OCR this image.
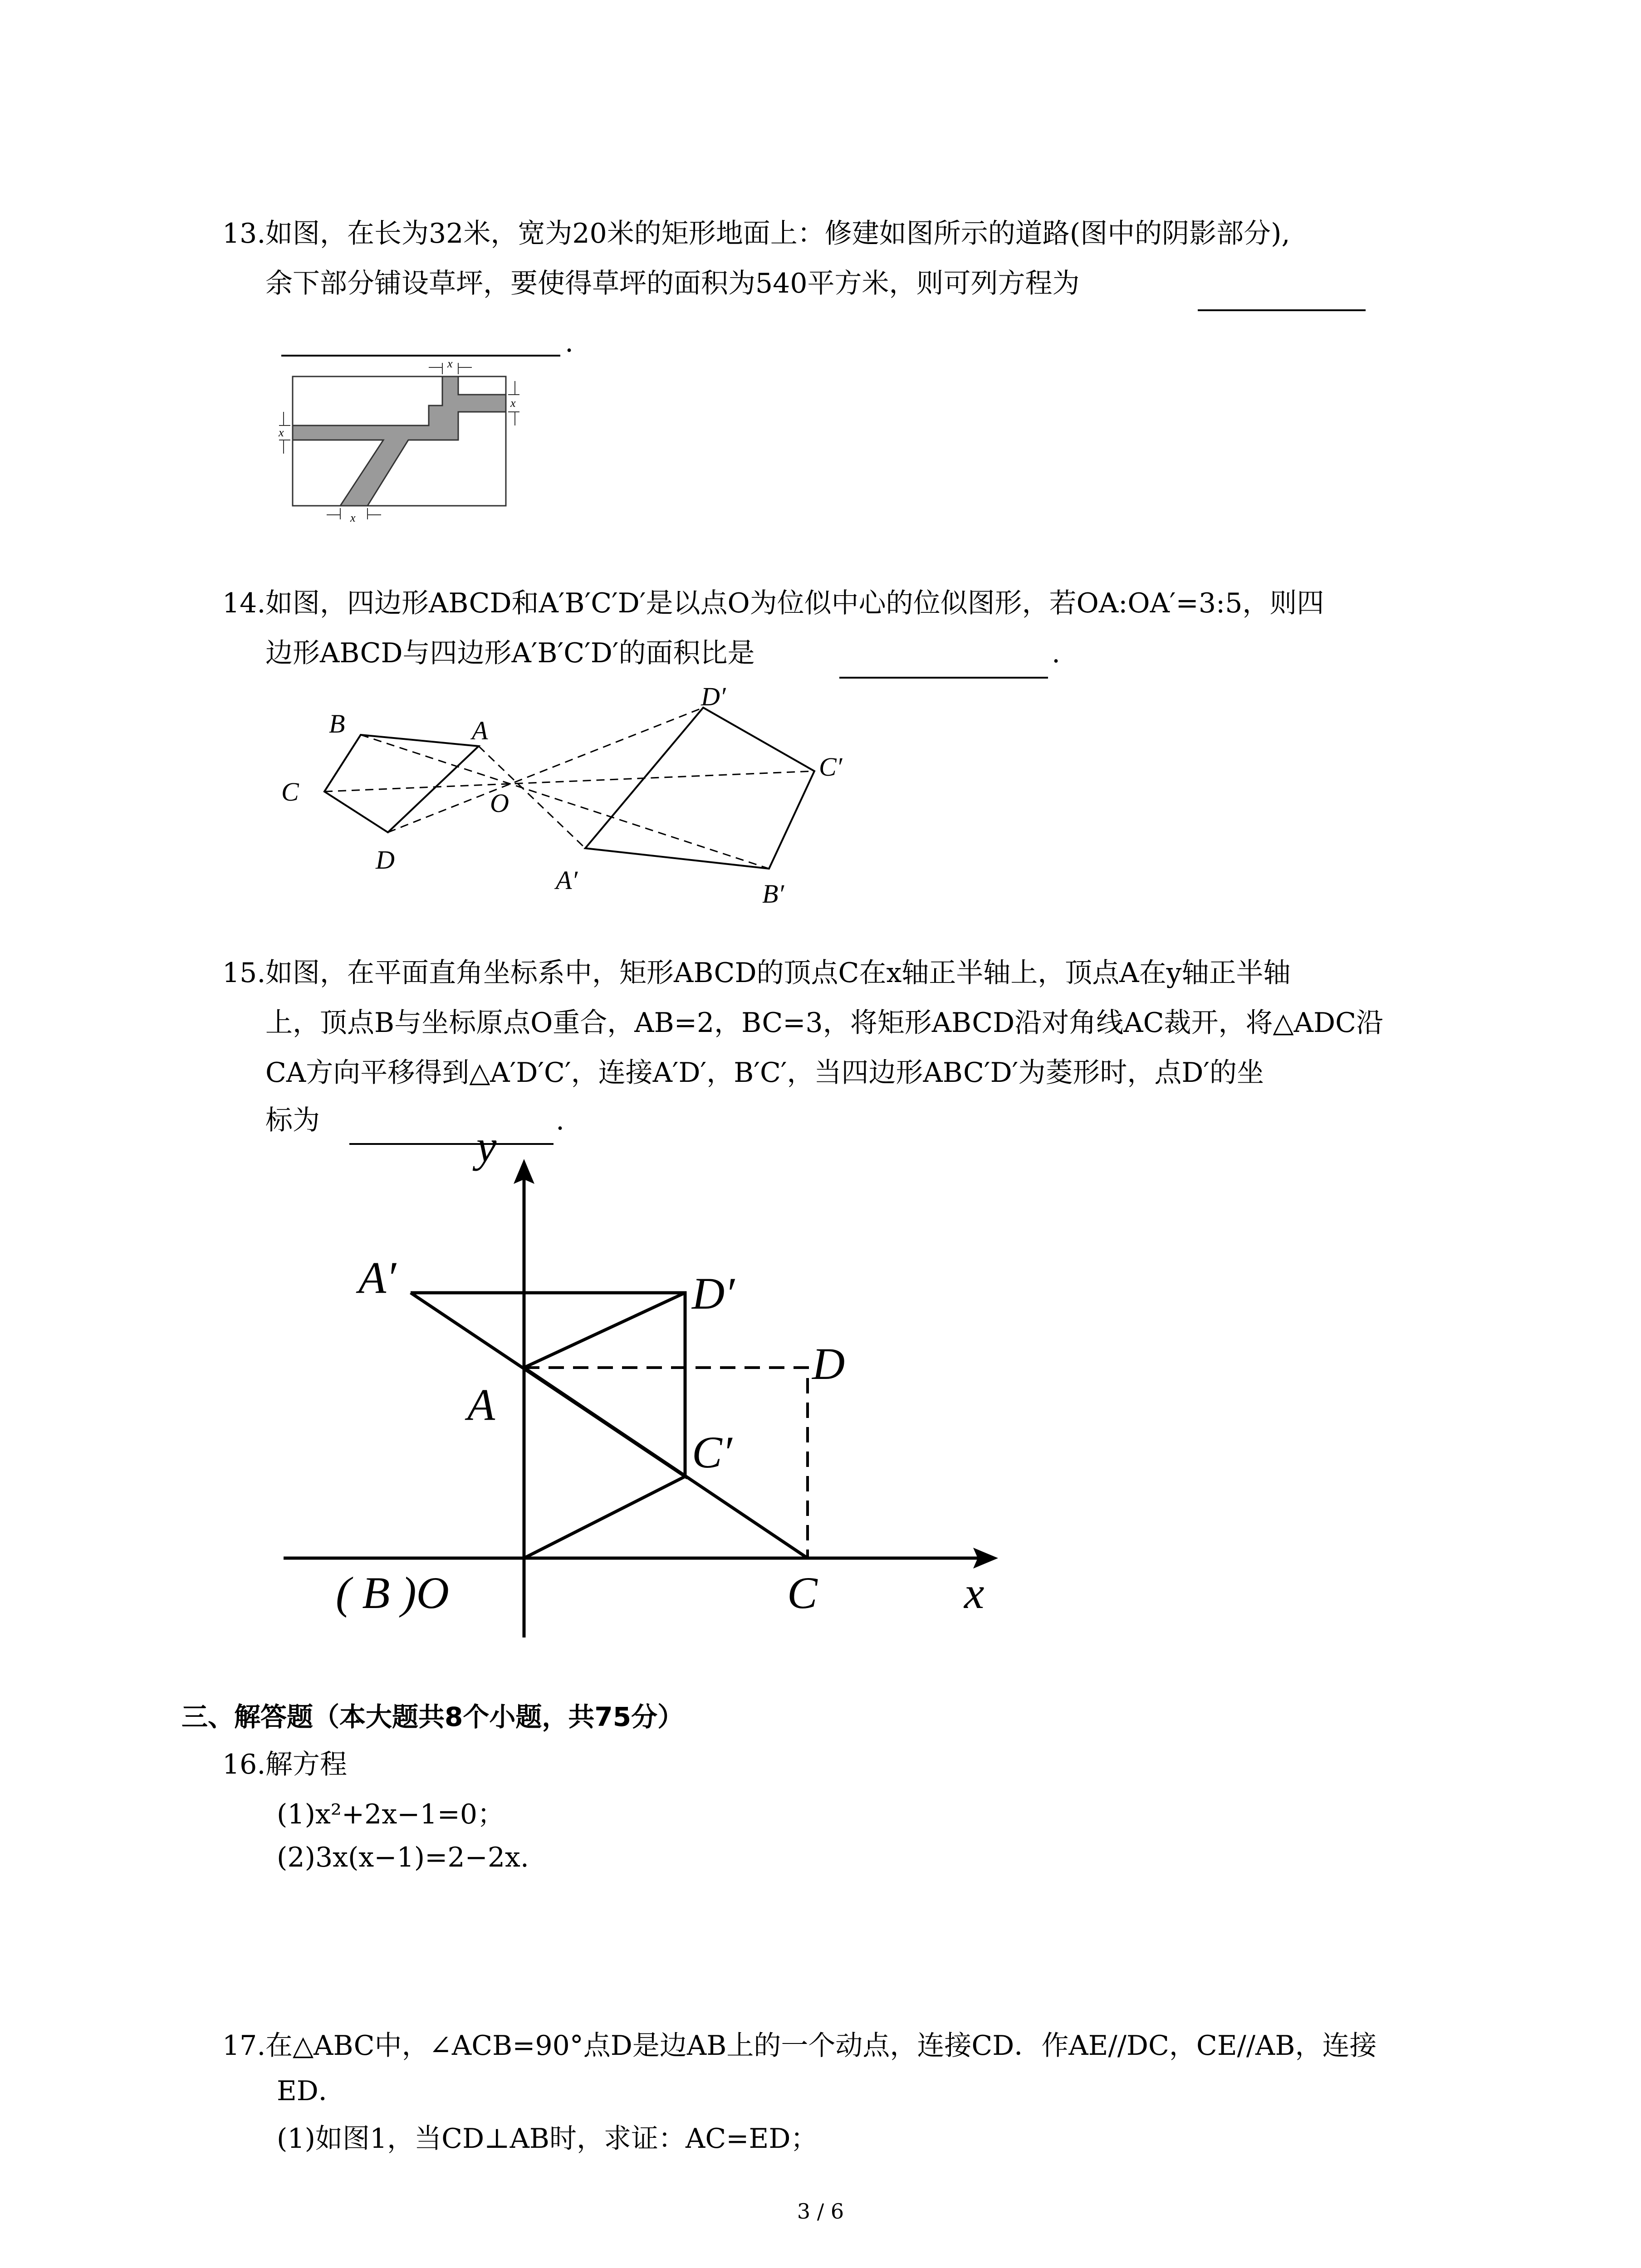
13.如图，在长为32米，宽为20米的矩形地面上：修建如图所示的道路(图中的阴影部分),
余下部分铺设草坪，要使得草坪的面积为540平方米，则可列方程为
.
x
x
x
x
14.如图，四边形ABCD和A′B′C′D′是以点O为位似中心的位似图形，若OA:OA′=3:5，则四
边形ABCD与四边形A′B′C′D′的面积比是	.
B	A
C	O
D
D′
C′
A′	B′
15.如图，在平面直角坐标系中，矩形ABCD的顶点C在x轴正半轴上，顶点A在y轴正半轴
上，顶点B与坐标原点O重合，AB=2，BC=3，将矩形ABCD沿对角线AC裁开，将△ADC沿
CA方向平移得到△A′D′C′，连接A′D′，B′C′，当四边形ABC′D′为菱形时，点D′的坐
标为	.
y
x
A′	D′
D
A
C′
( B )O	C
三、解答题（本大题共8个小题，共75分）
16.解方程
(1)x²+2x−1=0；
(2)3x(x−1)=2−2x.
17.在△ABC中，∠ACB=90°点D是边AB上的一个动点，连接CD．作AE//DC，CE//AB，连接
ED．
(1)如图1，当CD⊥AB时，求证：AC=ED；
3 / 6
